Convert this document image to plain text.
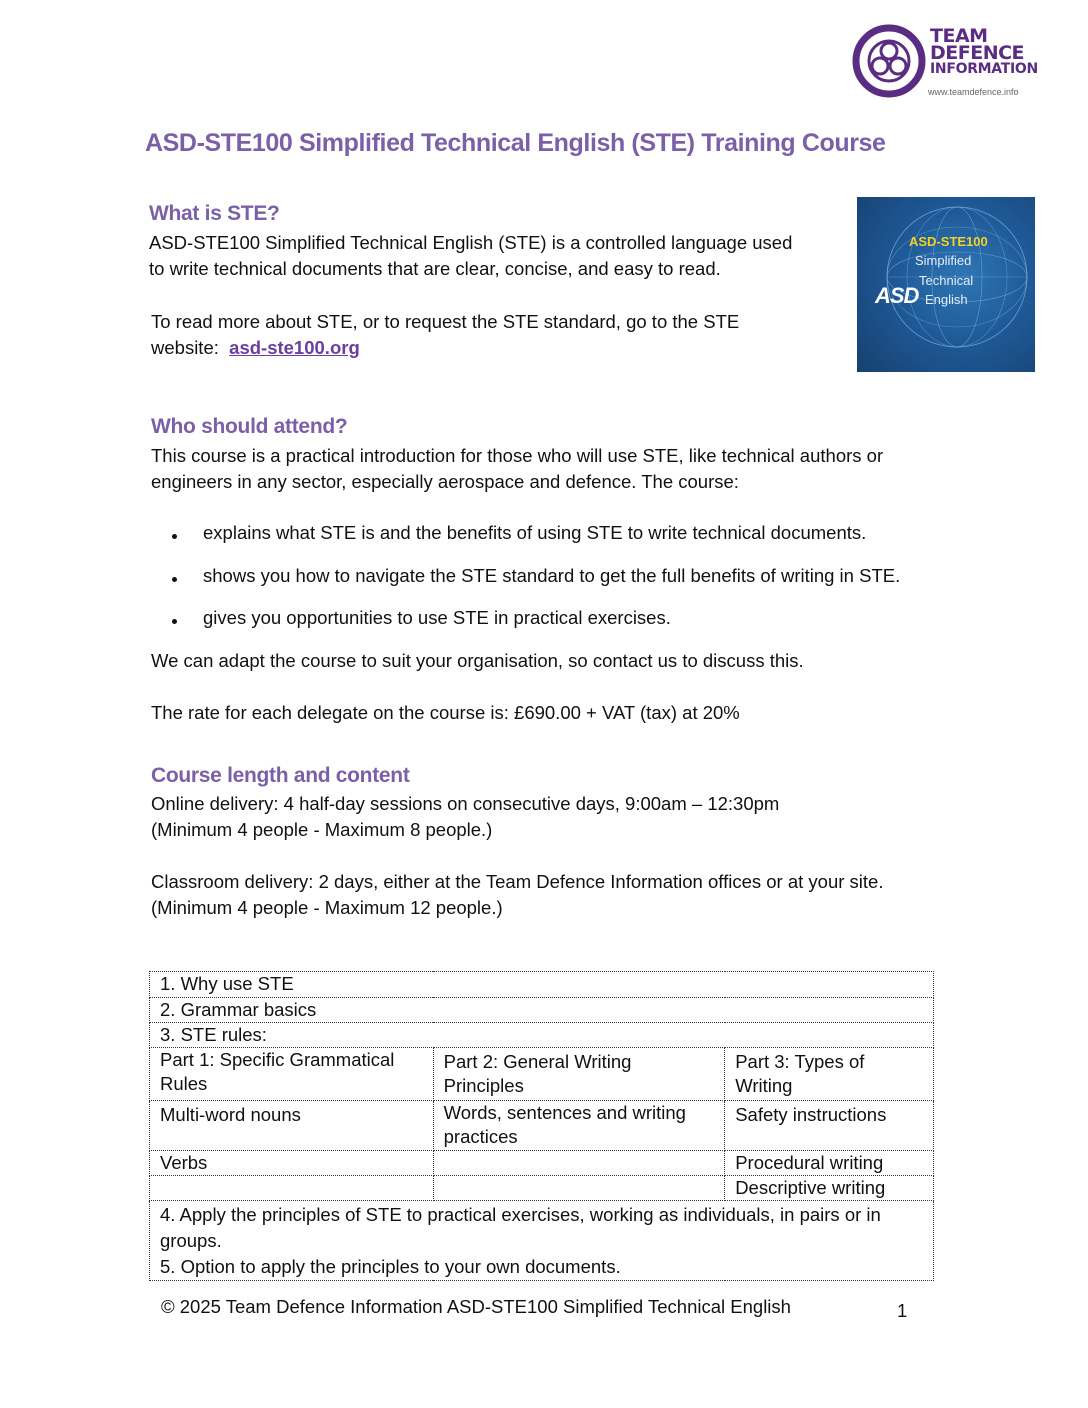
TEAM
DEFENCE
INFORMATION
www.teamdefence.info
ASD-STE100 Simplified Technical English (STE) Training Course
ASD-STE100
Simplified
Technical
English
ASD
What is STE?
ASD-STE100 Simplified Technical English (STE) is a controlled language used
to write technical documents that are clear, concise, and easy to read.
To read more about STE, or to request the STE standard, go to the STE
website: asd-ste100.org
Who should attend?
This course is a practical introduction for those who will use STE, like technical authors or
engineers in any sector, especially aerospace and defence. The course:
explains what STE is and the benefits of using STE to write technical documents.
shows you how to navigate the STE standard to get the full benefits of writing in STE.
gives you opportunities to use STE in practical exercises.
We can adapt the course to suit your organisation, so contact us to discuss this.
The rate for each delegate on the course is: £690.00 + VAT (tax) at 20%
Course length and content
Online delivery: 4 half-day sessions on consecutive days, 9:00am – 12:30pm
(Minimum 4 people - Maximum 8 people.)
Classroom delivery: 2 days, either at the Team Defence Information offices or at your site.
(Minimum 4 people - Maximum 12 people.)
1. Why use STE		
2. Grammar basics		
3. STE rules:		
Part 1: Specific Grammatical Rules	Part 2: General Writing Principles	Part 3: Types of Writing
Multi-word nouns	Words, sentences and writing practices	Safety instructions
Verbs		Procedural writing
		Descriptive writing

4. Apply the principles of STE to practical exercises, working as individuals, in pairs or in groups.
5. Option to apply the principles to your own documents.		
© 2025 Team Defence Information ASD-STE100 Simplified Technical English	1
